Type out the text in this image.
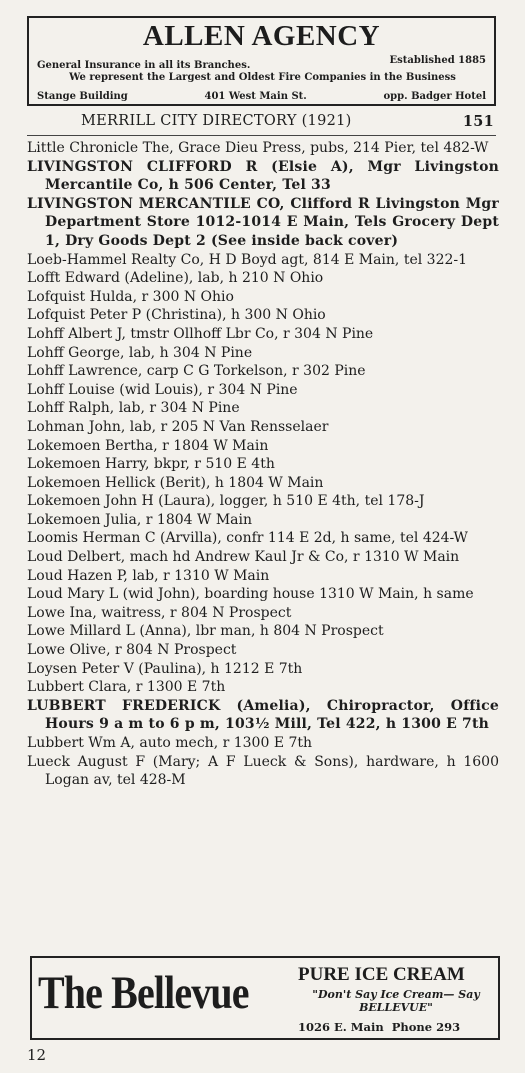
ALLEN AGENCY
Established 1885
General Insurance in all its Branches.
We represent the Largest and Oldest Fire Companies in the Business
Stange Building	401 West Main St.	opp. Badger Hotel
MERRILL CITY DIRECTORY (1921)	151

Little Chronicle The, Grace Dieu Press, pubs, 214 Pier, tel 482-W

LIVINGSTON CLIFFORD R (Elsie A), Mgr Livingston Mercantile Co, h 506 Center, Tel 33

LIVINGSTON MERCANTILE CO, Clifford R Livingston Mgr Department Store 1012-1014 E Main, Tels Grocery Dept 1, Dry Goods Dept 2 (See inside back cover)

Loeb-Hammel Realty Co, H D Boyd agt, 814 E Main, tel 322-1

Lofft Edward (Adeline), lab, h 210 N Ohio

Lofquist Hulda, r 300 N Ohio

Lofquist Peter P (Christina), h 300 N Ohio

Lohff Albert J, tmstr Ollhoff Lbr Co, r 304 N Pine

Lohff George, lab, h 304 N Pine

Lohff Lawrence, carp C G Torkelson, r 302 Pine

Lohff Louise (wid Louis), r 304 N Pine

Lohff Ralph, lab, r 304 N Pine

Lohman John, lab, r 205 N Van Rensselaer

Lokemoen Bertha, r 1804 W Main

Lokemoen Harry, bkpr, r 510 E 4th

Lokemoen Hellick (Berit), h 1804 W Main

Lokemoen John H (Laura), logger, h 510 E 4th, tel 178-J

Lokemoen Julia, r 1804 W Main

Loomis Herman C (Arvilla), confr 114 E 2d, h same, tel 424-W

Loud Delbert, mach hd Andrew Kaul Jr & Co, r 1310 W Main

Loud Hazen P, lab, r 1310 W Main

Loud Mary L (wid John), boarding house 1310 W Main, h same

Lowe Ina, waitress, r 804 N Prospect

Lowe Millard L (Anna), lbr man, h 804 N Prospect

Lowe Olive, r 804 N Prospect

Loysen Peter V (Paulina), h 1212 E 7th

Lubbert Clara, r 1300 E 7th

LUBBERT FREDERICK (Amelia), Chiropractor, Office Hours 9 a m to 6 p m, 103½ Mill, Tel 422, h 1300 E 7th

Lubbert Wm A, auto mech, r 1300 E 7th

Lueck August F (Mary; A F Lueck & Sons), hardware, h 1600 Logan av, tel 428-M

The Bellevue	PURE ICE CREAM
"Don't Say Ice Cream— Say BELLEVUE"
1026 E. Main Phone 293
12
